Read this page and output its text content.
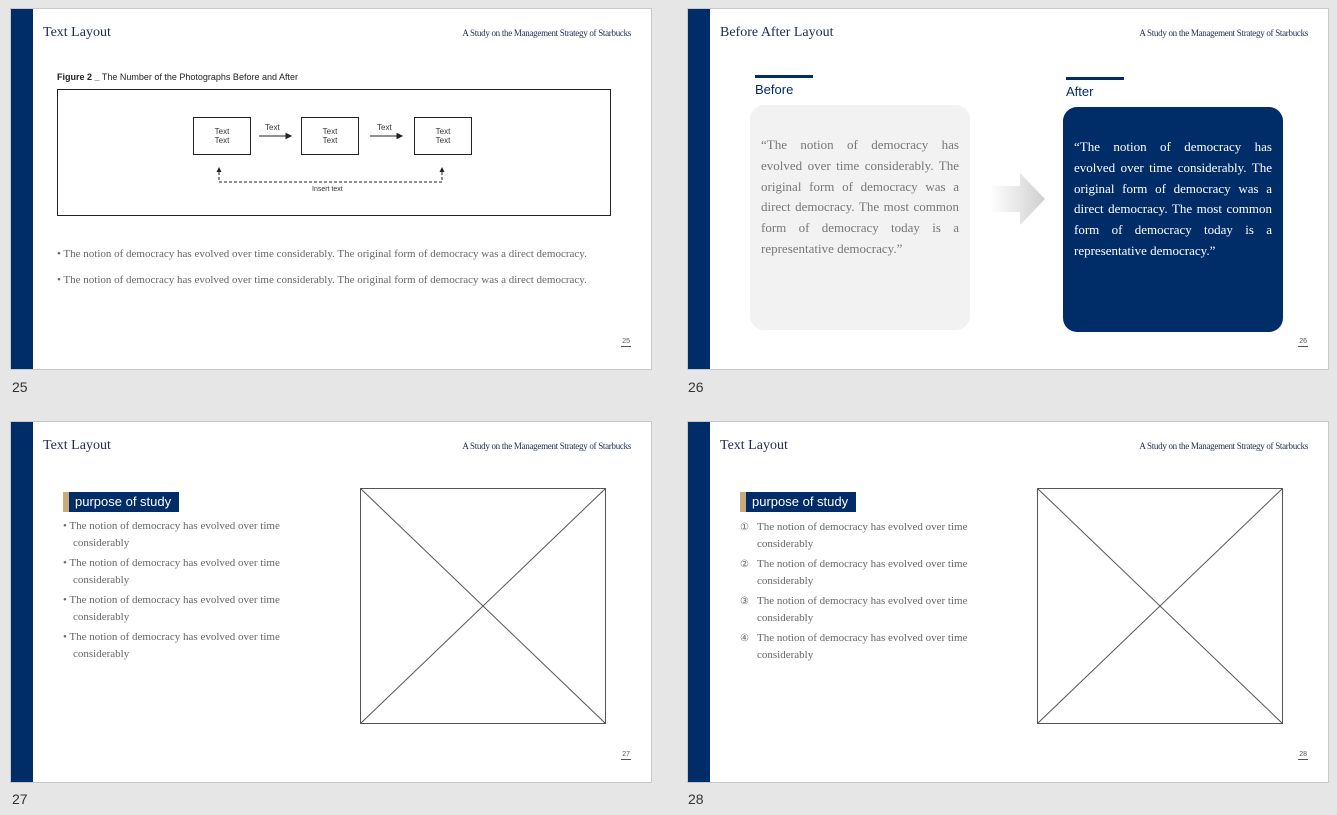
Text Layout	A Study on the Management Strategy of Starbucks
Figure 2 _ The Number of the Photographs Before and After
Text
Text
Text
Text
Text
Text
Text	Text
Insert text
• The notion of democracy has evolved over time considerably. The original form of democracy was a direct democracy.
• The notion of democracy has evolved over time considerably. The original form of democracy was a direct democracy.
25
25
Before After Layout	A Study on the Management Strategy of Starbucks
Before	After
“The notion of democracy has evolved over time considerably. The original form of democracy was a direct democracy. The most common form of democracy today is a representative democracy.”
“The notion of democracy has evolved over time considerably. The original form of democracy was a direct democracy. The most common form of democracy today is a representative democracy.”
26
26
Text Layout	A Study on the Management Strategy of Starbucks
purpose of study
• The notion of democracy has evolved over time considerably
• The notion of democracy has evolved over time considerably
• The notion of democracy has evolved over time considerably
• The notion of democracy has evolved over time considerably
27
27
Text Layout	A Study on the Management Strategy of Starbucks
purpose of study
① The notion of democracy has evolved over time considerably
② The notion of democracy has evolved over time considerably
③ The notion of democracy has evolved over time considerably
④ The notion of democracy has evolved over time considerably
28
28
